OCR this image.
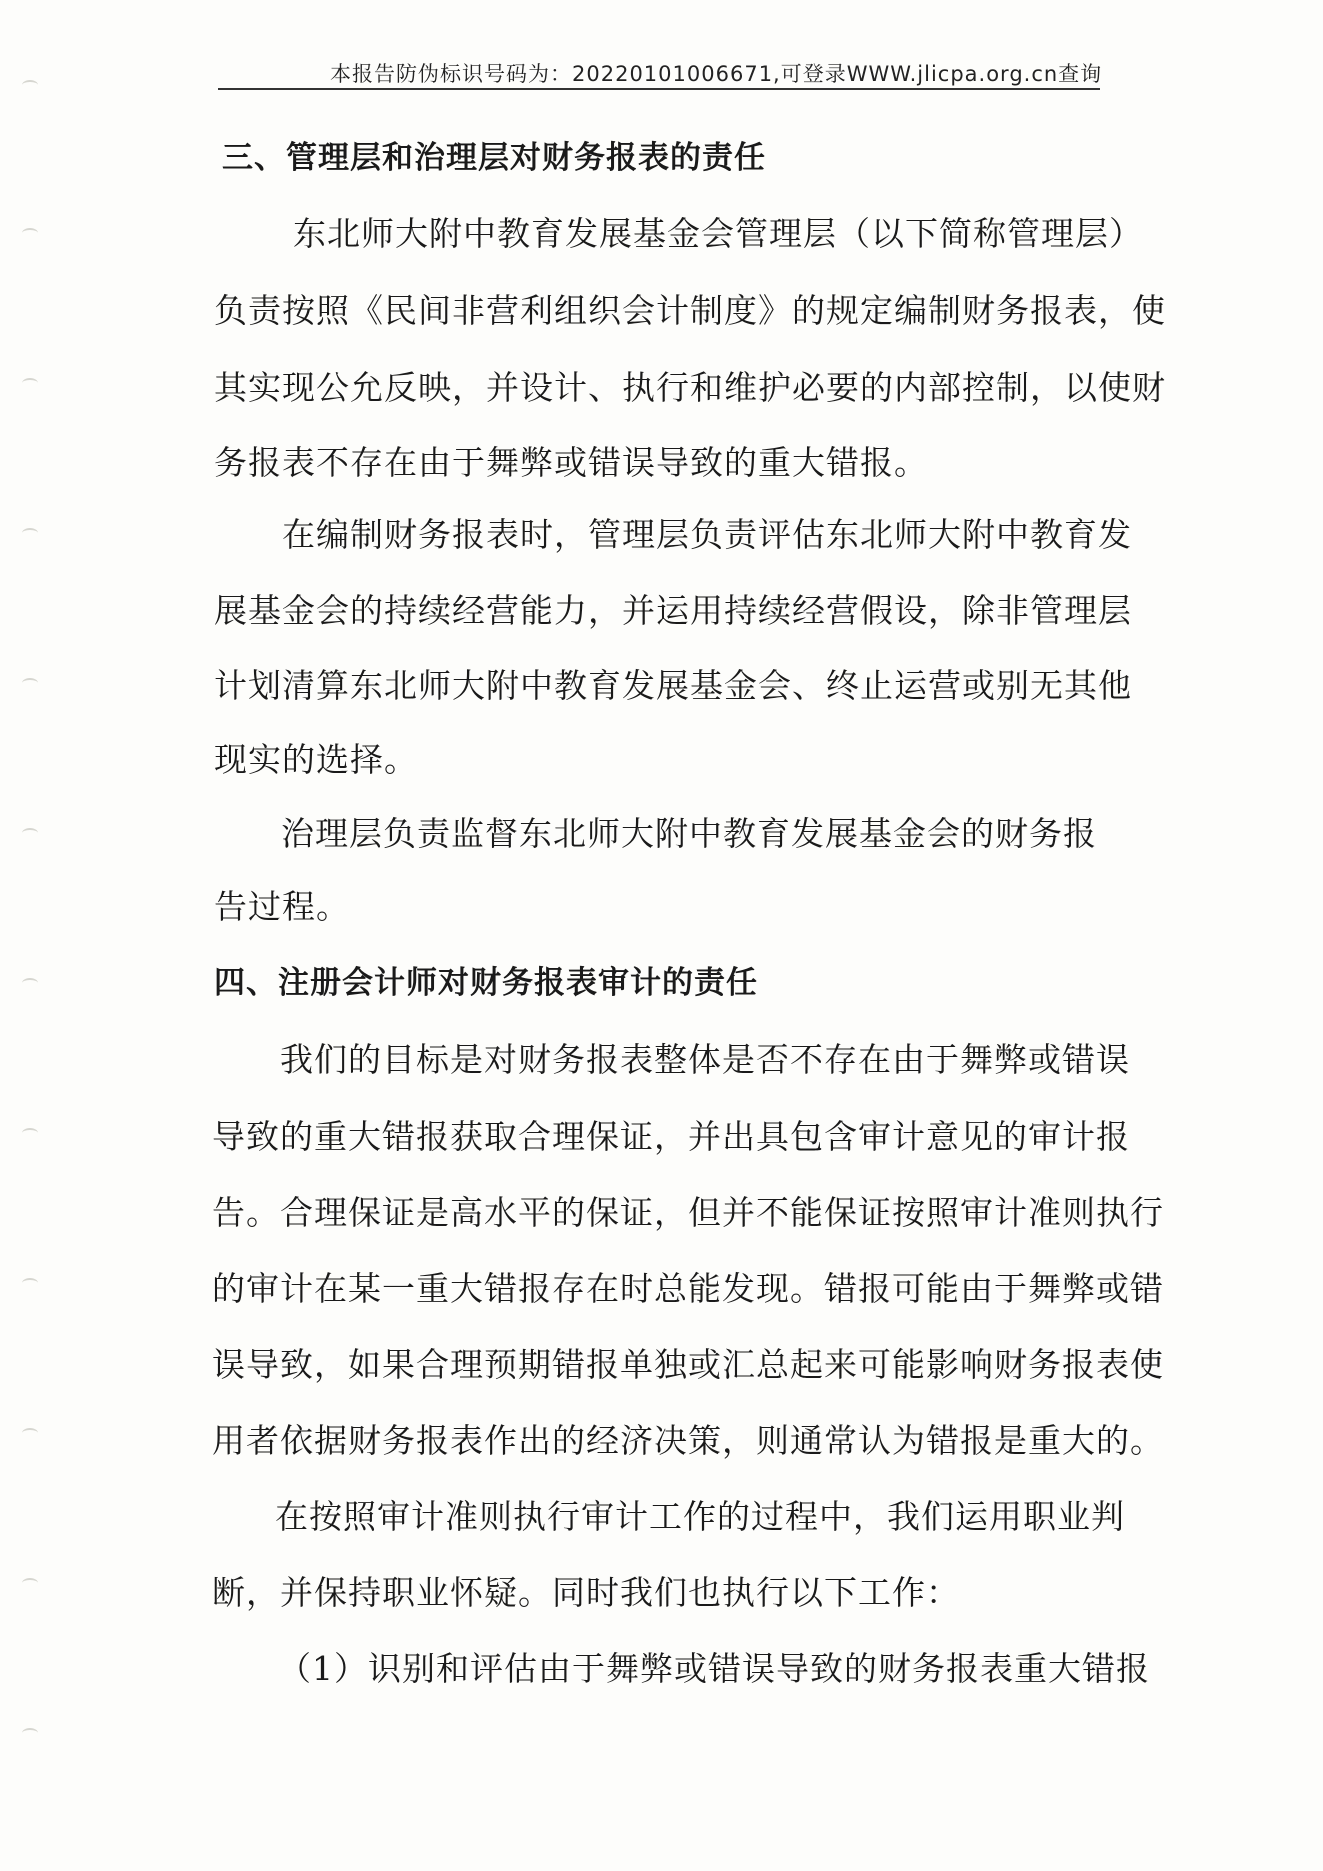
本报告防伪标识号码为：20220101006671,可登录WWW.jlicpa.org.cn查询
三、管理层和治理层对财务报表的责任
东北师大附中教育发展基金会管理层（以下简称管理层）
负责按照《民间非营利组织会计制度》的规定编制财务报表，使
其实现公允反映，并设计、执行和维护必要的内部控制，以使财
务报表不存在由于舞弊或错误导致的重大错报。
在编制财务报表时，管理层负责评估东北师大附中教育发
展基金会的持续经营能力，并运用持续经营假设，除非管理层
计划清算东北师大附中教育发展基金会、终止运营或别无其他
现实的选择。
治理层负责监督东北师大附中教育发展基金会的财务报
告过程。
四、注册会计师对财务报表审计的责任
我们的目标是对财务报表整体是否不存在由于舞弊或错误
导致的重大错报获取合理保证，并出具包含审计意见的审计报
告。合理保证是高水平的保证，但并不能保证按照审计准则执行
的审计在某一重大错报存在时总能发现。错报可能由于舞弊或错
误导致，如果合理预期错报单独或汇总起来可能影响财务报表使
用者依据财务报表作出的经济决策，则通常认为错报是重大的。
在按照审计准则执行审计工作的过程中，我们运用职业判
断，并保持职业怀疑。同时我们也执行以下工作：
（1）识别和评估由于舞弊或错误导致的财务报表重大错报
